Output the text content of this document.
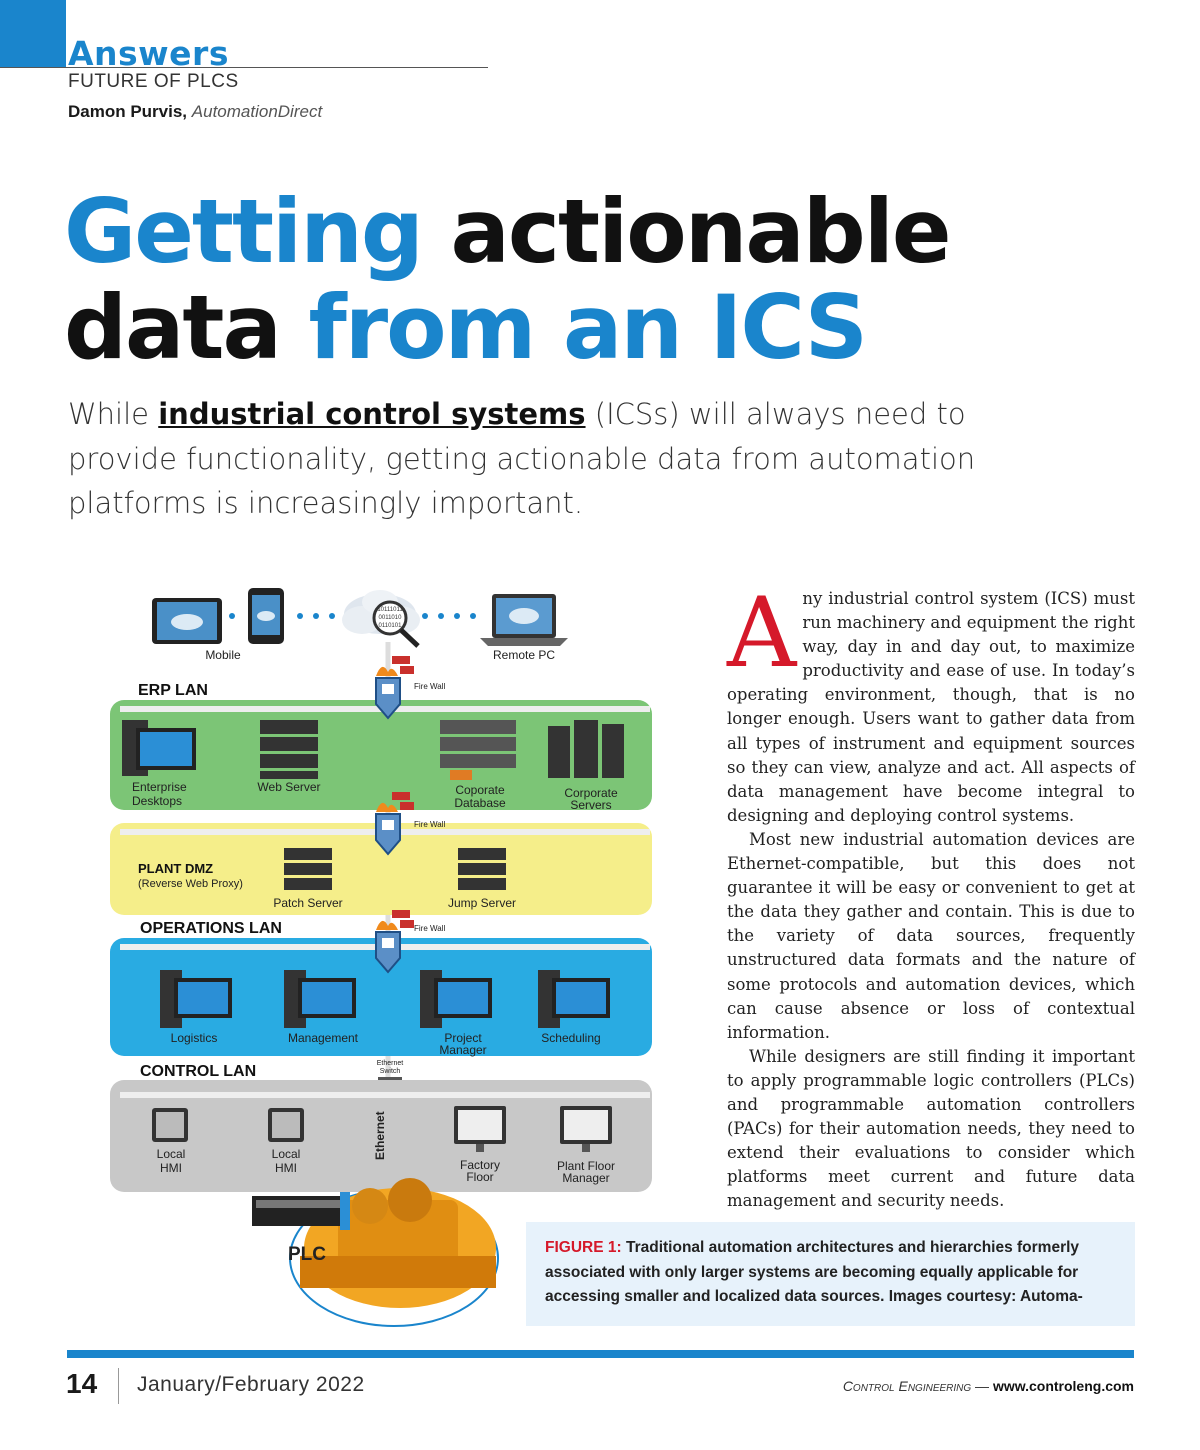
Answers
FUTURE OF PLCS
Damon Purvis, AutomationDirect
Getting actionable
data from an ICS
While industrial control systems (ICSs) will always need to provide functionality, getting actionable data from automation platforms is increasingly important.
10111011
0011010
0110101
Mobile	Remote PC
ERP LAN
Enterprise
Desktops
Web Server	Coporate
Database
Corporate
Servers
PLANT DMZ
(Reverse Web Proxy)
Patch Server	Jump Server
OPERATIONS LAN
Logistics	Management	Project
Manager
Scheduling
CONTROL LAN	Ethernet
Switch
Local
HMI
Local
HMI
Ethernet
Factory
Floor
Plant Floor
Manager
PLC
Fire Wall
Fire Wall
Fire Wall

Any industrial control system (ICS) must run machinery and equipment the right way, day in and day out, to maximize productivity and ease of use. In today’s operating environment, though, that is no longer enough. Users want to gather data from all types of instrument and equipment sources so they can view, analyze and act. All aspects of data management have become integral to designing and deploying control systems.

Most new industrial automation devices are Ethernet-compatible, but this does not guarantee it will be easy or convenient to get at the data they gather and contain. This is due to the variety of data sources, frequently unstructured data formats and the nature of some protocols and automation devices, which can cause absence or loss of contextual information.

While designers are still finding it important to apply programmable logic controllers (PLCs) and programmable automation controllers (PACs) for their automation needs, they need to extend their evaluations to consider which platforms meet current and future data management and security needs.

FIGURE 1: Traditional automation architectures and hierarchies formerly associated with only larger systems are becoming equally applicable for accessing smaller and localized data sources. Images courtesy: Automa-
14 January/February 2022	Control Engineering — www.controleng.com
